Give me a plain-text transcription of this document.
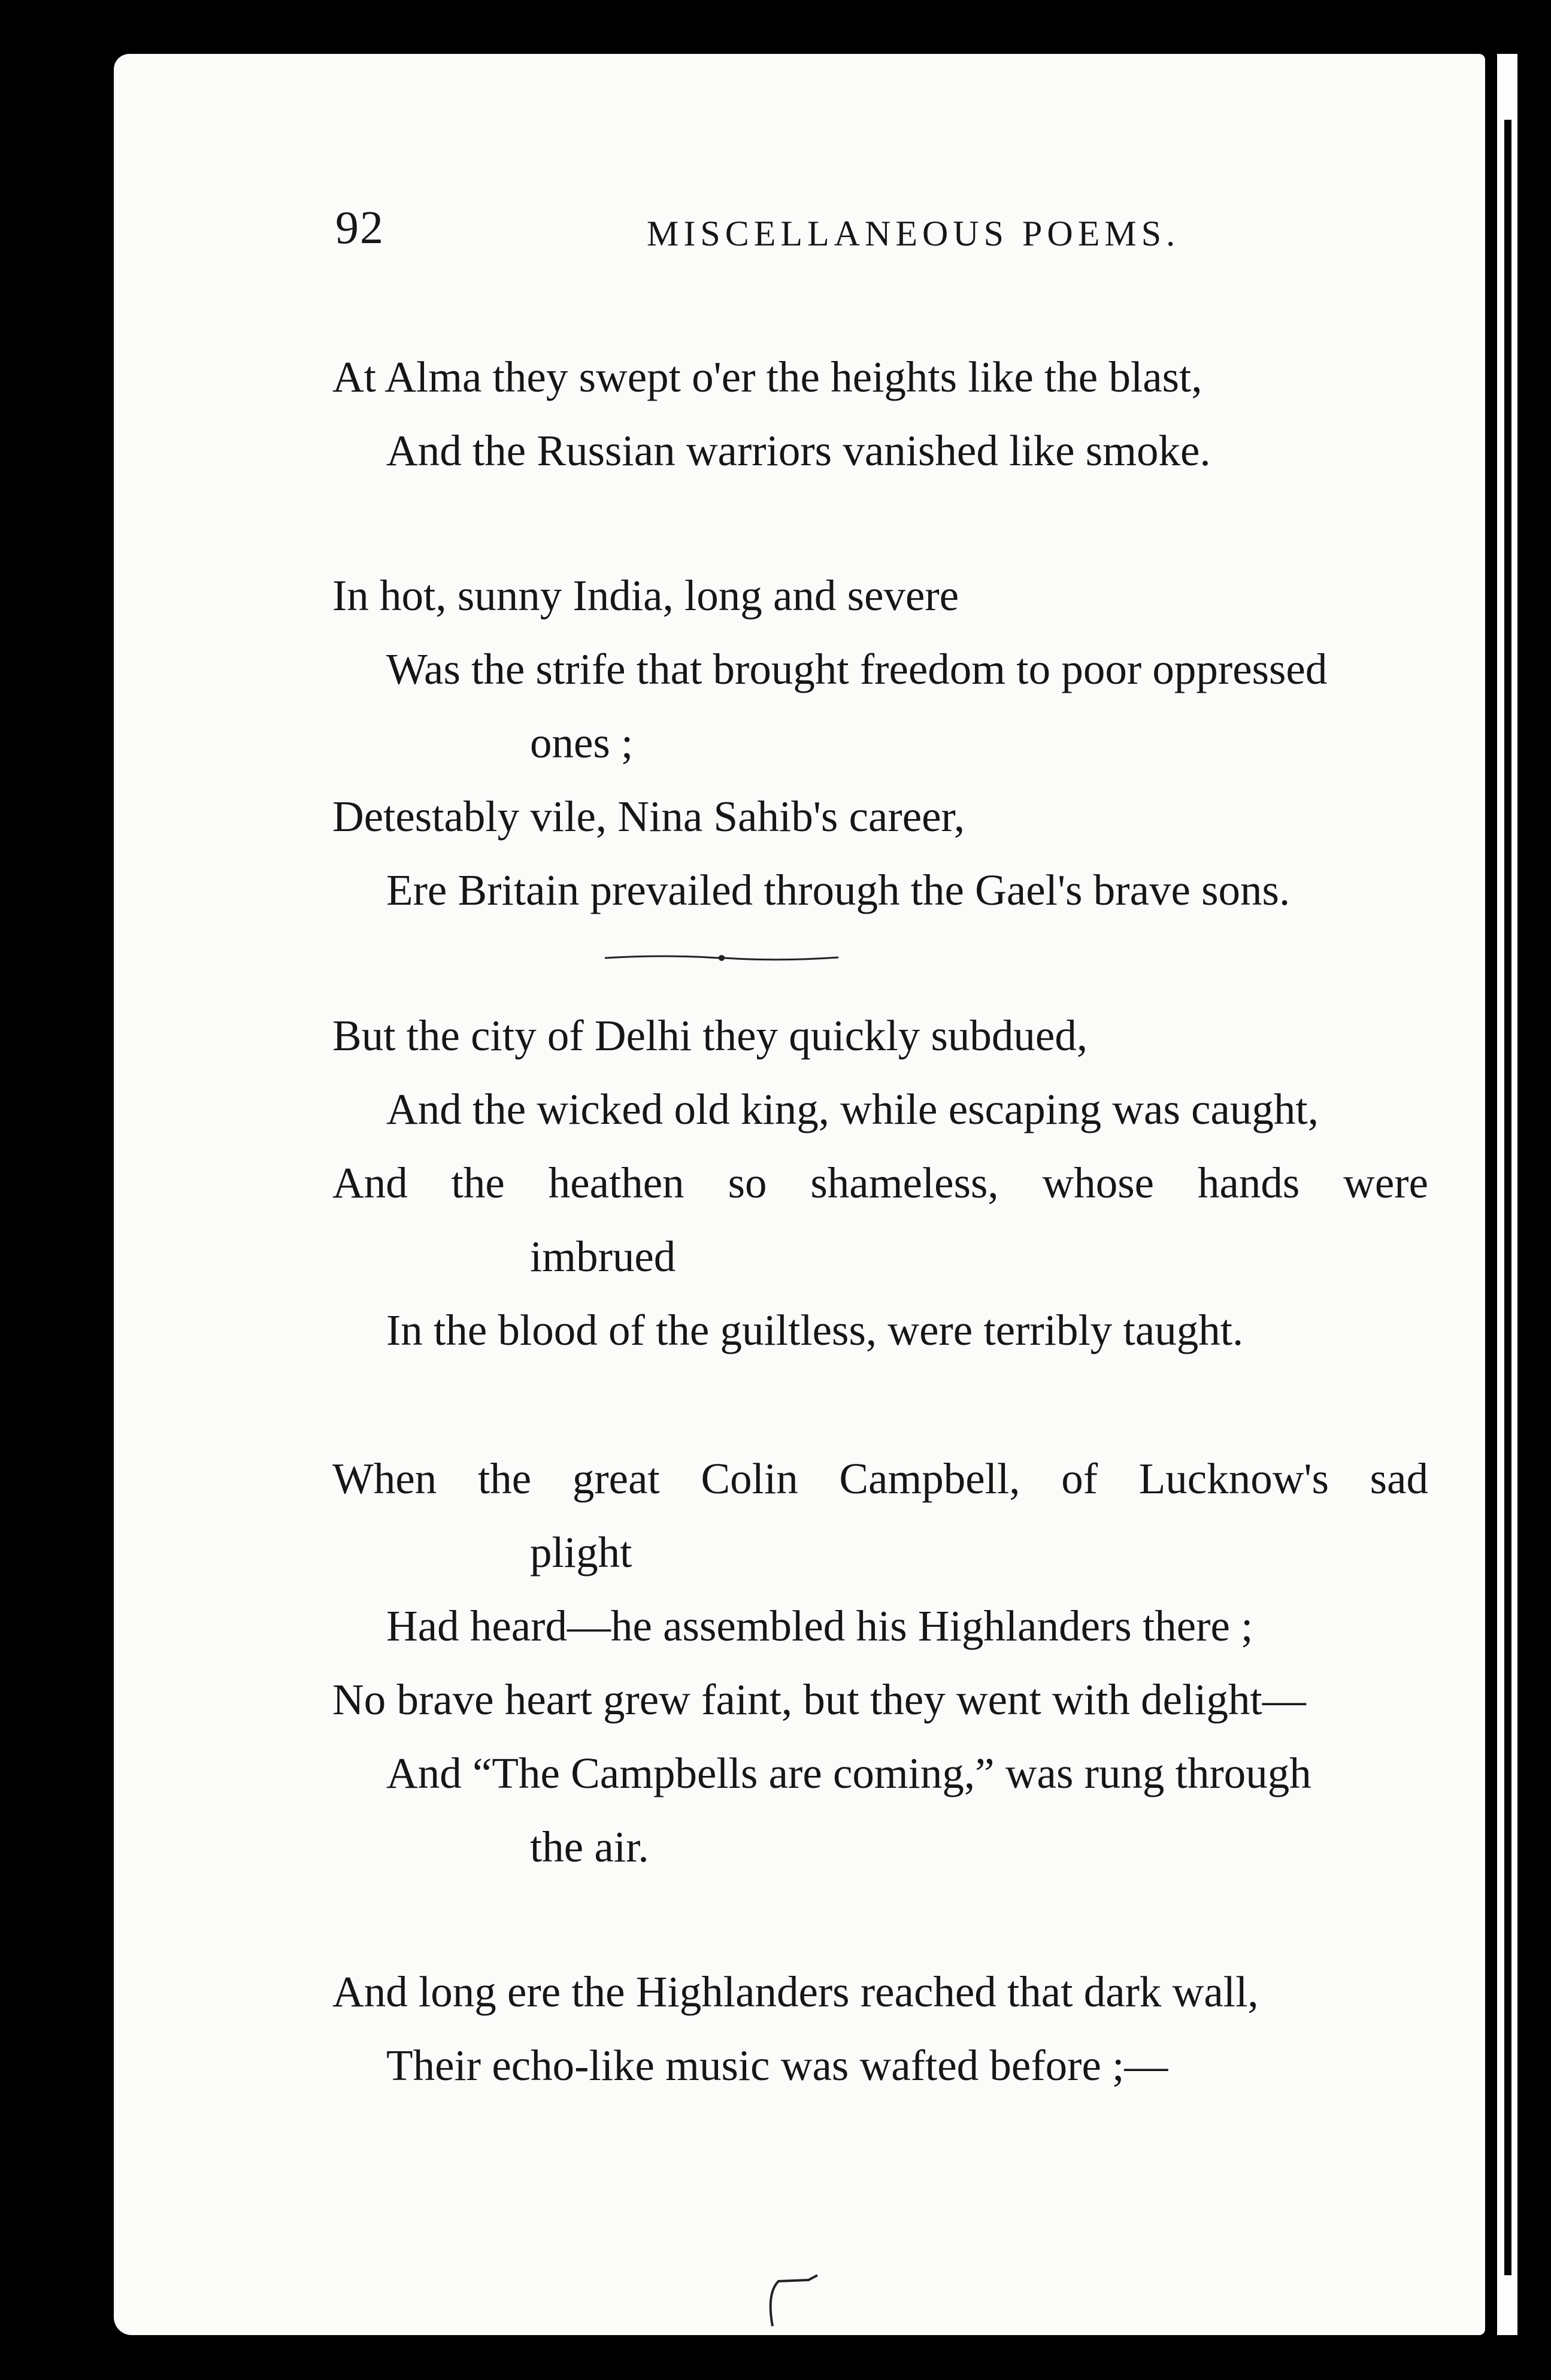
92	MISCELLANEOUS POEMS.
At Alma they swept o'er the heights like the blast,
And the Russian warriors vanished like smoke.
In hot, sunny India, long and severe
Was the strife that brought freedom to poor oppressed
ones ;
Detestably vile, Nina Sahib's career,
Ere Britain prevailed through the Gael's brave sons.
But the city of Delhi they quickly subdued,
And the wicked old king, while escaping was caught,
And the heathen so shameless, whose hands were
imbrued
In the blood of the guiltless, were terribly taught.
When the great Colin Campbell, of Lucknow's sad
plight
Had heard—he assembled his Highlanders there ;
No brave heart grew faint, but they went with delight—
And “The Campbells are coming,” was rung through
the air.
And long ere the Highlanders reached that dark wall,
Their echo-like music was wafted before ;—
